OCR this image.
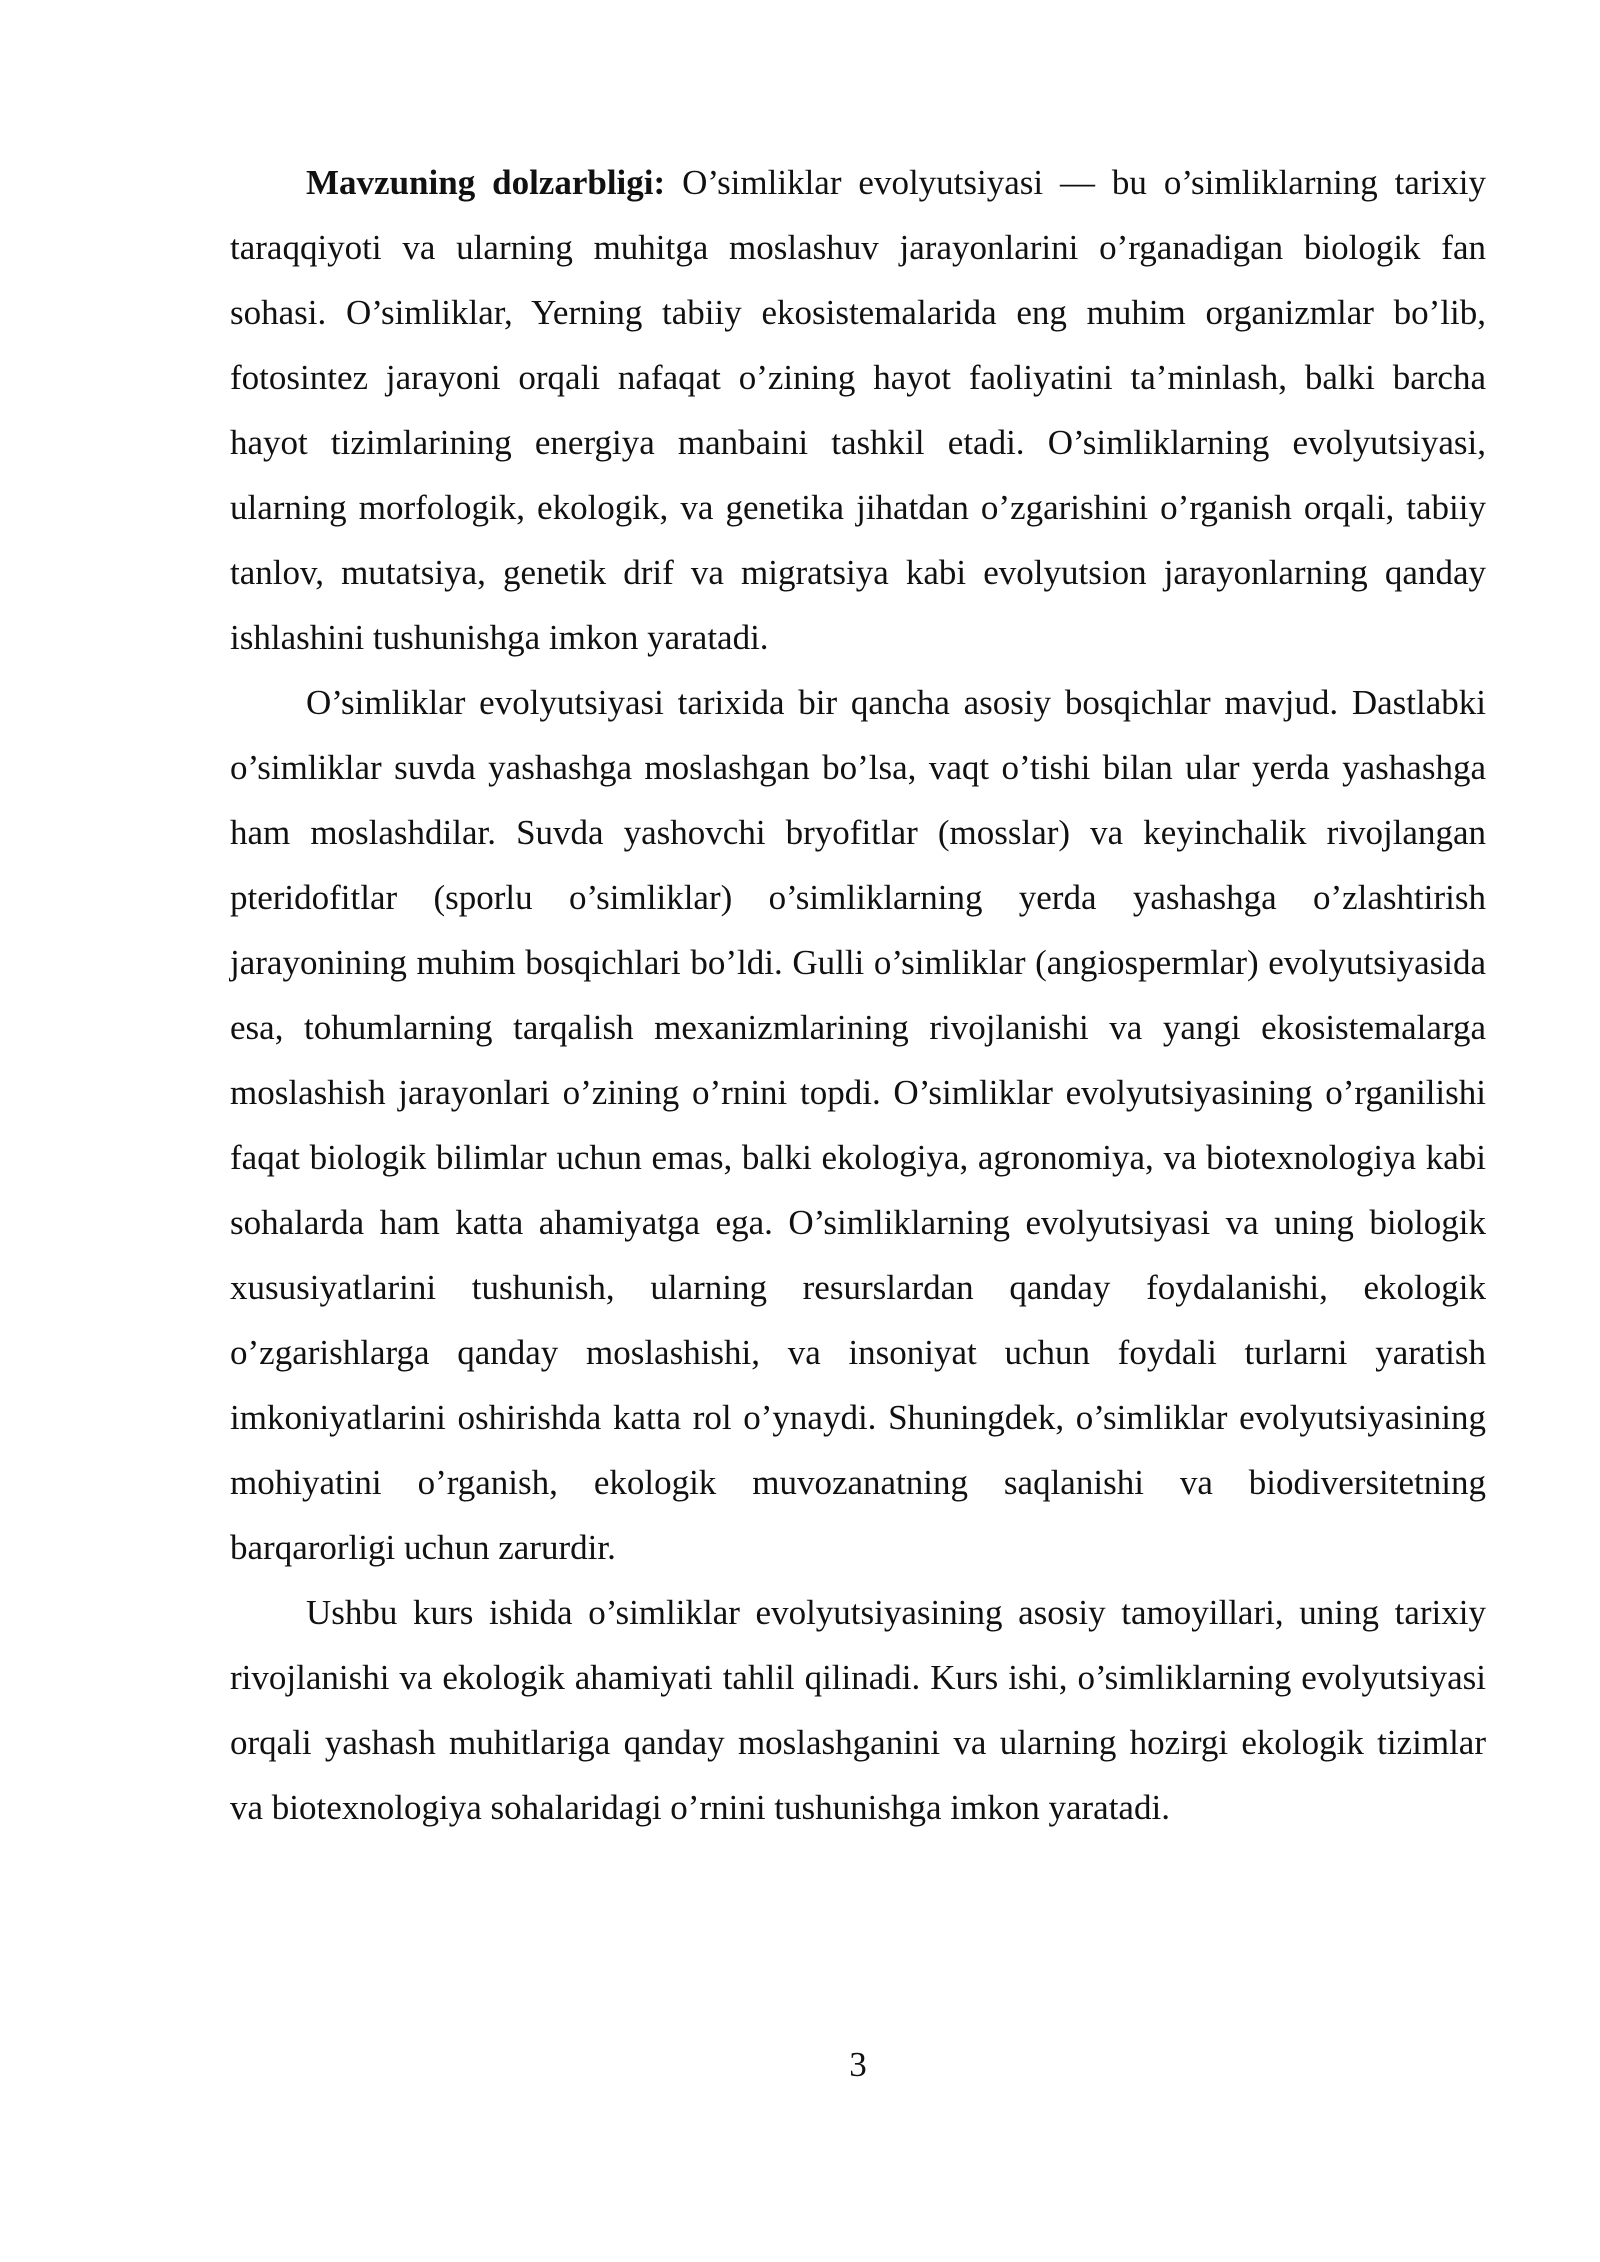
Mavzuning dolzarbligi: O’simliklar evolyutsiyasi — bu o’simliklarning tarixiy taraqqiyoti va ularning muhitga moslashuv jarayonlarini o’rganadigan biologik fan sohasi. O’simliklar, Yerning tabiiy ekosistemalarida eng muhim organizmlar bo’lib, fotosintez jarayoni orqali nafaqat o’zining hayot faoliyatini ta’minlash, balki barcha hayot tizimlarining energiya manbaini tashkil etadi. O’simliklarning evolyutsiyasi, ularning morfologik, ekologik, va genetika jihatdan o’zgarishini o’rganish orqali, tabiiy tanlov, mutatsiya, genetik drif va migratsiya kabi evolyutsion jarayonlarning qanday ishlashini tushunishga imkon yaratadi.

O’simliklar evolyutsiyasi tarixida bir qancha asosiy bosqichlar mavjud. Dastlabki o’simliklar suvda yashashga moslashgan bo’lsa, vaqt o’tishi bilan ular yerda yashashga ham moslashdilar. Suvda yashovchi bryofitlar (mosslar) va keyinchalik rivojlangan pteridofitlar (sporlu o’simliklar) o’simliklarning yerda yashashga o’zlashtirish jarayonining muhim bosqichlari bo’ldi. Gulli o’simliklar (angiospermlar) evolyutsiyasida esa, tohumlarning tarqalish mexanizmlarining rivojlanishi va yangi ekosistemalarga moslashish jarayonlari o’zining o’rnini topdi. O’simliklar evolyutsiyasining o’rganilishi faqat biologik bilimlar uchun emas, balki ekologiya, agronomiya, va biotexnologiya kabi sohalarda ham katta ahamiyatga ega. O’simliklarning evolyutsiyasi va uning biologik xususiyatlarini tushunish, ularning resurslardan qanday foydalanishi, ekologik o’zgarishlarga qanday moslashishi, va insoniyat uchun foydali turlarni yaratish imkoniyatlarini oshirishda katta rol o’ynaydi. Shuningdek, o’simliklar evolyutsiyasining mohiyatini o’rganish, ekologik muvozanatning saqlanishi va biodiversitetning barqarorligi uchun zarurdir.

Ushbu kurs ishida o’simliklar evolyutsiyasining asosiy tamoyillari, uning tarixiy rivojlanishi va ekologik ahamiyati tahlil qilinadi. Kurs ishi, o’simliklarning evolyutsiyasi orqali yashash muhitlariga qanday moslashganini va ularning hozirgi ekologik tizimlar va biotexnologiya sohalaridagi o’rnini tushunishga imkon yaratadi.

3
